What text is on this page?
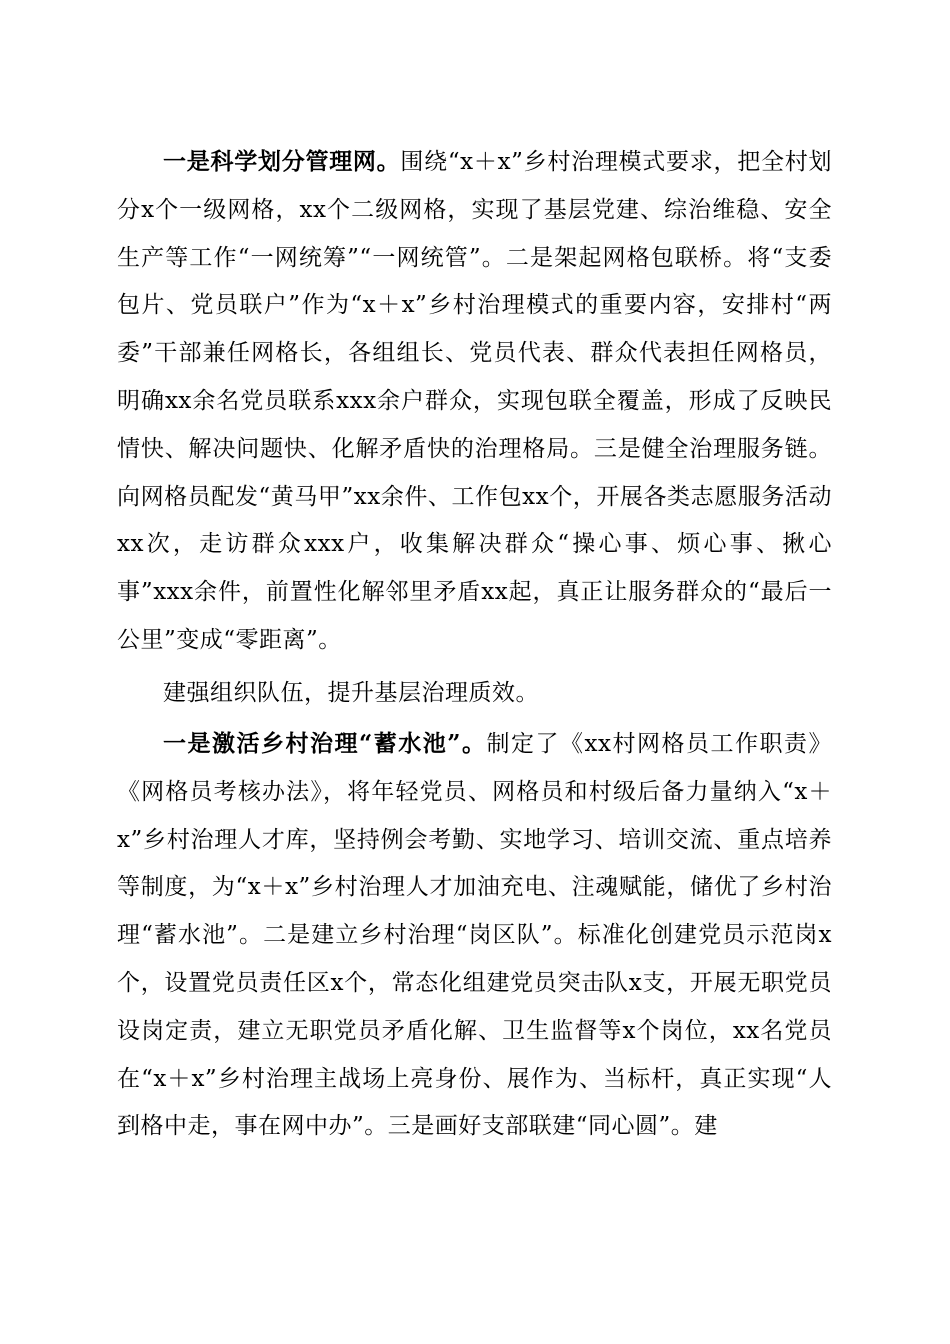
一是科学划分管理网。围绕“x＋x”乡村治理模式要求，把全村划分x个一级网格，xx个二级网格，实现了基层党建、综治维稳、安全生产等工作“一网统筹”“一网统管”。二是架起网格包联桥。将“支委包片、党员联户”作为“x＋x”乡村治理模式的重要内容，安排村“两委”干部兼任网格长，各组组长、党员代表、群众代表担任网格员，明确xx余名党员联系xxx余户群众，实现包联全覆盖，形成了反映民情快、解决问题快、化解矛盾快的治理格局。三是健全治理服务链。向网格员配发“黄马甲”xx余件、工作包xx个，开展各类志愿服务活动xx次，走访群众xxx户，收集解决群众“操心事、烦心事、揪心事”xxx余件，前置性化解邻里矛盾xx起，真正让服务群众的“最后一公里”变成“零距离”。

建强组织队伍，提升基层治理质效。

一是激活乡村治理“蓄水池”。制定了《xx村网格员工作职责》《网格员考核办法》，将年轻党员、网格员和村级后备力量纳入“x＋x”乡村治理人才库，坚持例会考勤、实地学习、培训交流、重点培养等制度，为“x＋x”乡村治理人才加油充电、注魂赋能，储优了乡村治理“蓄水池”。二是建立乡村治理“岗区队”。标准化创建党员示范岗x个，设置党员责任区x个，常态化组建党员突击队x支，开展无职党员设岗定责，建立无职党员矛盾化解、卫生监督等x个岗位，xx名党员在“x＋x”乡村治理主战场上亮身份、展作为、当标杆，真正实现“人到格中走，事在网中办”。三是画好支部联建“同心圆”。建
